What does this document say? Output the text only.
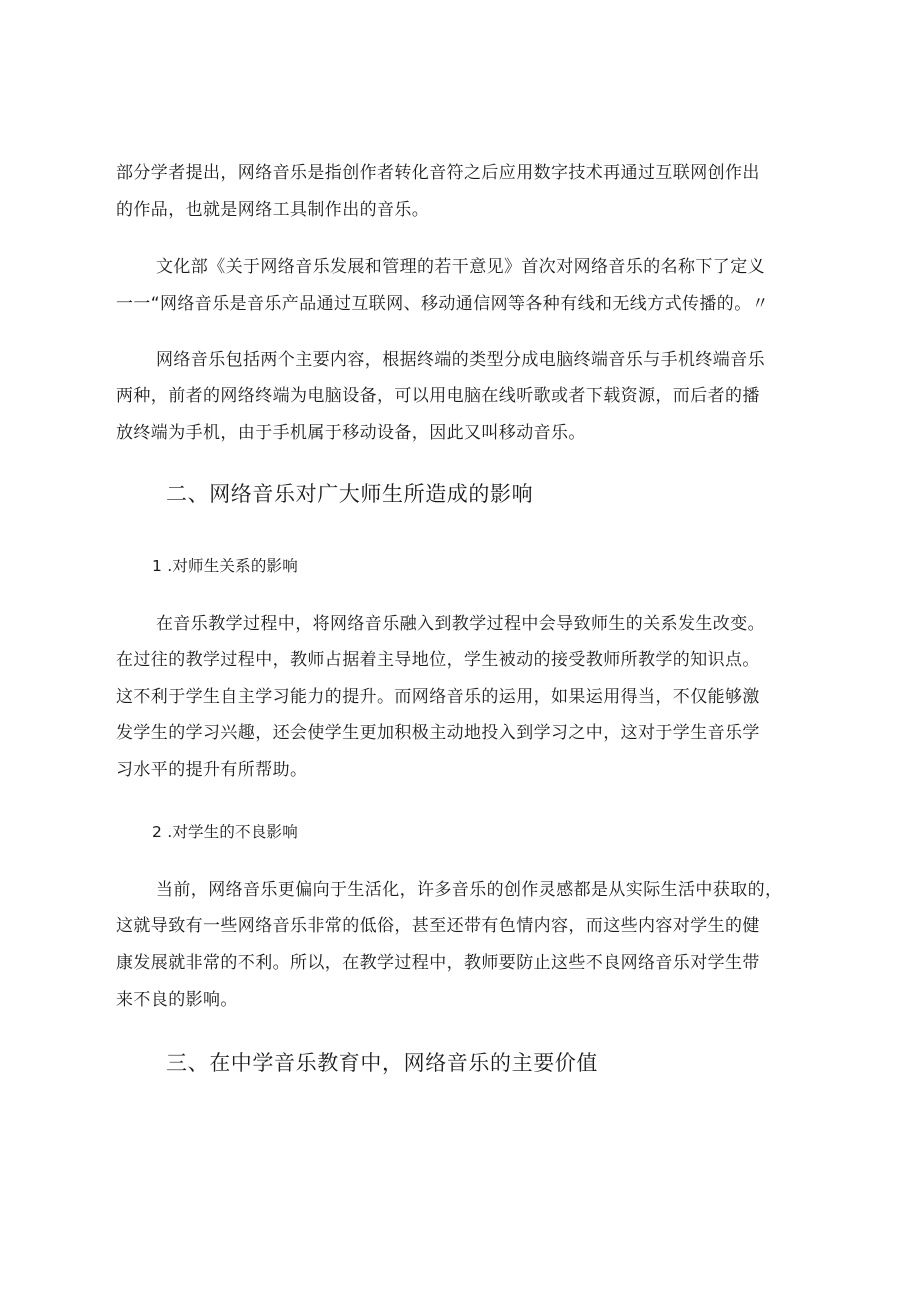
部分学者提出，网络音乐是指创作者转化音符之后应用数字技术再通过互联网创作出
的作品，也就是网络工具制作出的音乐。
文化部《关于网络音乐发展和管理的若干意见》首次对网络音乐的名称下了定义
一一“网络音乐是音乐产品通过互联网、移动通信网等各种有线和无线方式传播的。〃
网络音乐包括两个主要内容，根据终端的类型分成电脑终端音乐与手机终端音乐
两种，前者的网络终端为电脑设备，可以用电脑在线听歌或者下载资源，而后者的播
放终端为手机，由于手机属于移动设备，因此又叫移动音乐。
二、网络音乐对广大师生所造成的影响
1 .对师生关系的影响
在音乐教学过程中，将网络音乐融入到教学过程中会导致师生的关系发生改变。
在过往的教学过程中，教师占据着主导地位，学生被动的接受教师所教学的知识点。
这不利于学生自主学习能力的提升。而网络音乐的运用，如果运用得当，不仅能够激
发学生的学习兴趣，还会使学生更加积极主动地投入到学习之中，这对于学生音乐学
习水平的提升有所帮助。
2 .对学生的不良影响
当前，网络音乐更偏向于生活化，许多音乐的创作灵感都是从实际生活中获取的，
这就导致有一些网络音乐非常的低俗，甚至还带有色情内容，而这些内容对学生的健
康发展就非常的不利。所以，在教学过程中，教师要防止这些不良网络音乐对学生带
来不良的影响。
三、在中学音乐教育中，网络音乐的主要价值
